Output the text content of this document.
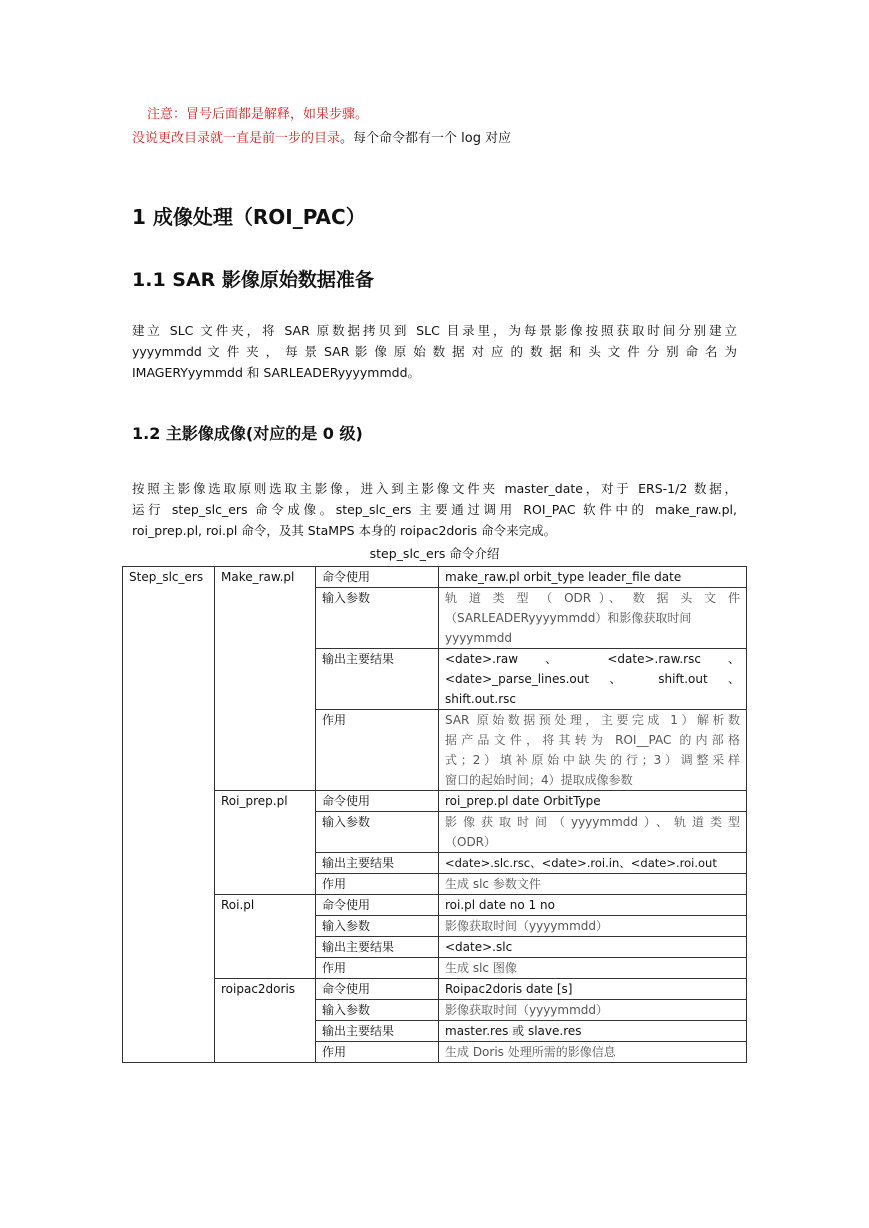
注意：冒号后面都是解释，如果步骤。
没说更改目录就一直是前一步的目录。每个命令都有一个 log 对应
1 成像处理（ROI_PAC）
1.1 SAR 影像原始数据准备
建立 SLC 文件夹，将 SAR 原数据拷贝到 SLC 目录里，为每景影像按照获取时间分别建立
yyyymmdd 文 件 夹 ， 每 景 SAR 影 像 原 始 数 据 对 应 的 数 据 和 头 文 件 分 别 命 名 为
IMAGERYyymmdd 和 SARLEADERyyyymmdd。
1.2 主影像成像(对应的是 0 级)
按照主影像选取原则选取主影像，进入到主影像文件夹 master_date，对于 ERS-1/2 数据，
运行 step_slc_ers 命令成像。step_slc_ers 主要通过调用 ROI_PAC 软件中的 make_raw.pl,
roi_prep.pl, roi.pl 命令，及其 StaMPS 本身的 roipac2doris 命令来完成。
step_slc_ers 命令介绍
Step_slc_ers	Make_raw.pl	命令使用	make_raw.pl orbit_type leader_file date
		输入参数	轨 道 类 型 （ ODR ）、 数 据 头 文 件
（SARLEADERyyyymmdd）和影像获取时间
yyyymmdd

		输出主要结果	<date>.raw 、 <date>.raw.rsc 、
<date>_parse_lines.out 、 shift.out 、
shift.out.rsc

		作用	SAR 原始数据预处理，主要完成 1）解析数
据产品文件，将其转为 ROI__PAC 的内部格
式；2）填补原始中缺失的行；3）调整采样
窗口的起始时间；4）提取成像参数

	Roi_prep.pl	命令使用	roi_prep.pl date OrbitType
		输入参数	影像获取时间（yyyymmdd）、轨道类型
（ODR）

		输出主要结果	<date>.slc.rsc、<date>.roi.in、<date>.roi.out
		作用	生成 slc 参数文件
	Roi.pl	命令使用	roi.pl date no 1 no
		输入参数	影像获取时间（yyyymmdd）
		输出主要结果	<date>.slc
		作用	生成 slc 图像
	roipac2doris	命令使用	Roipac2doris date [s]
		输入参数	影像获取时间（yyyymmdd）
		输出主要结果	master.res 或 slave.res
		作用	生成 Doris 处理所需的影像信息
